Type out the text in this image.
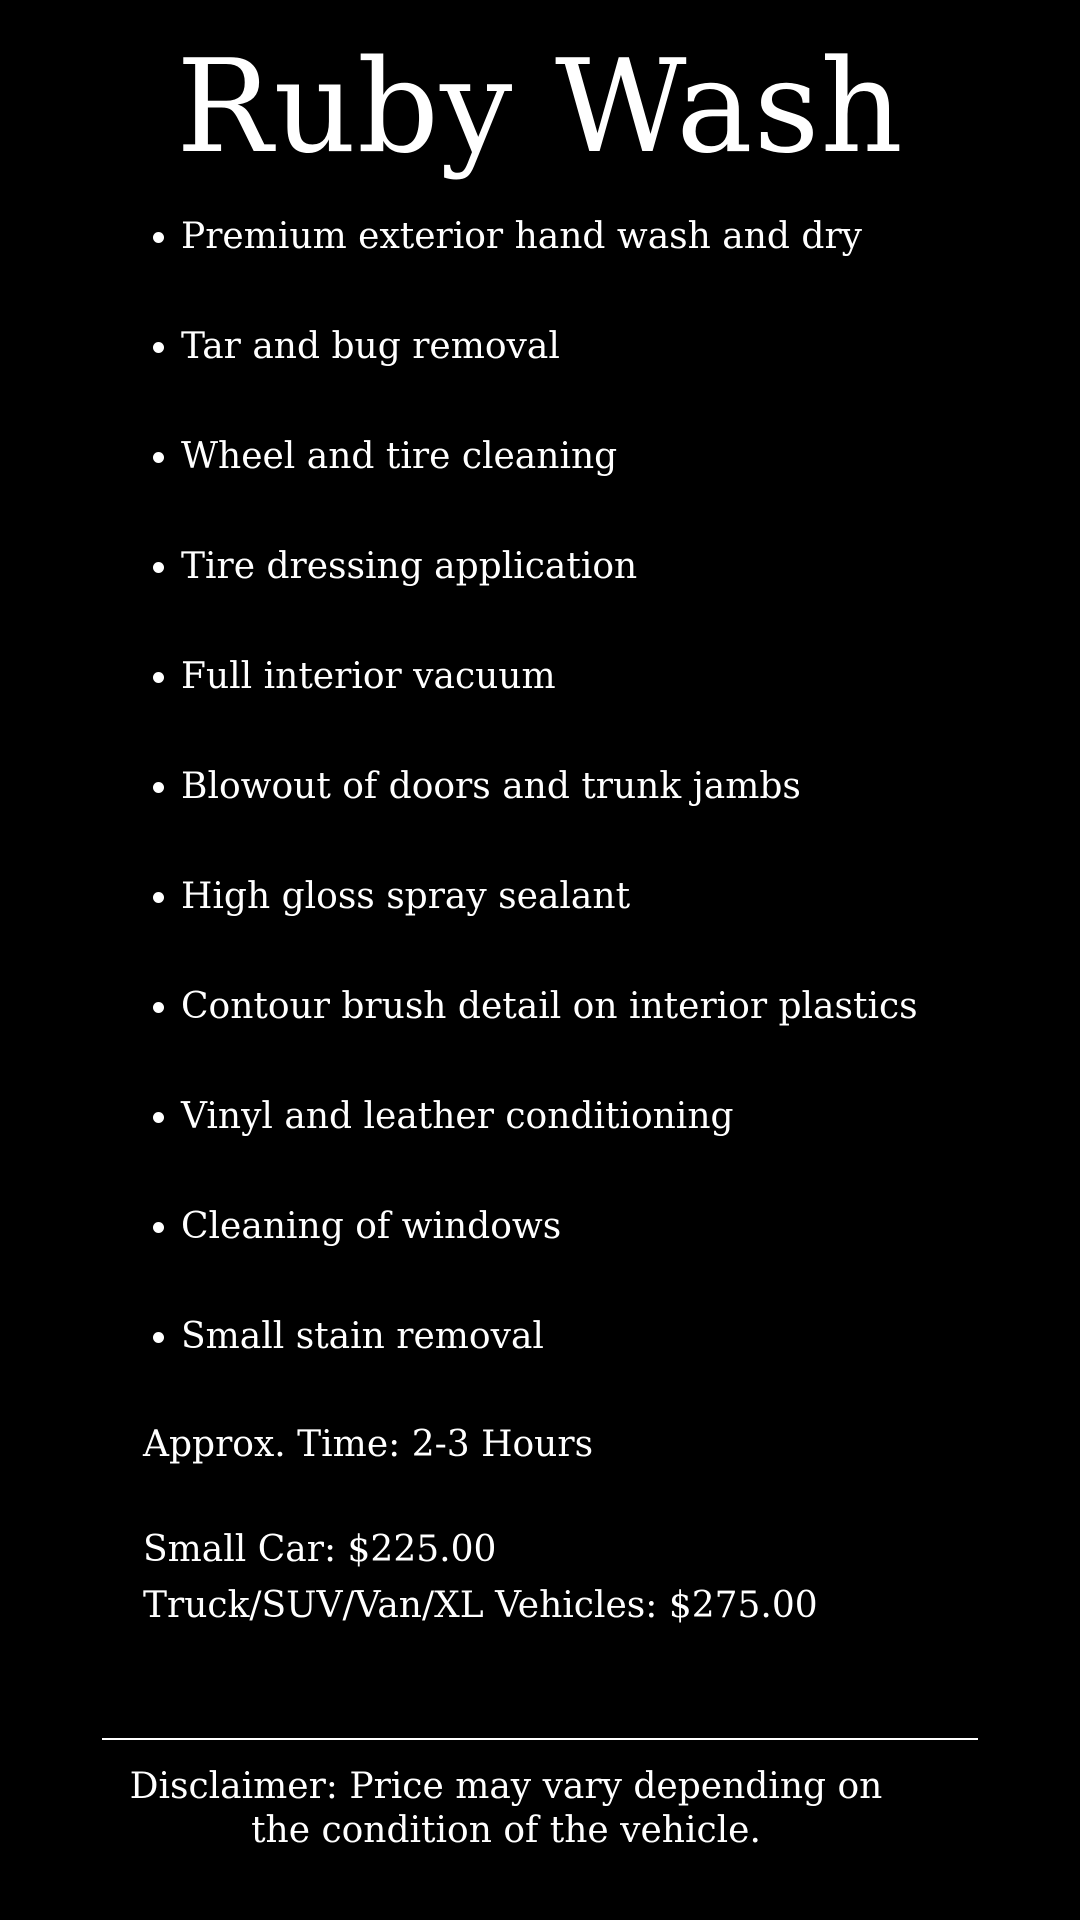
Ruby Wash
Premium exterior hand wash and dry
Tar and bug removal
Wheel and tire cleaning
Tire dressing application
Full interior vacuum
Blowout of doors and trunk jambs
High gloss spray sealant
Contour brush detail on interior plastics
Vinyl and leather conditioning
Cleaning of windows
Small stain removal
Approx. Time: 2-3 Hours
Small Car: $225.00
Truck/SUV/Van/XL Vehicles: $275.00
Disclaimer: Price may vary depending on the condition of the vehicle.
